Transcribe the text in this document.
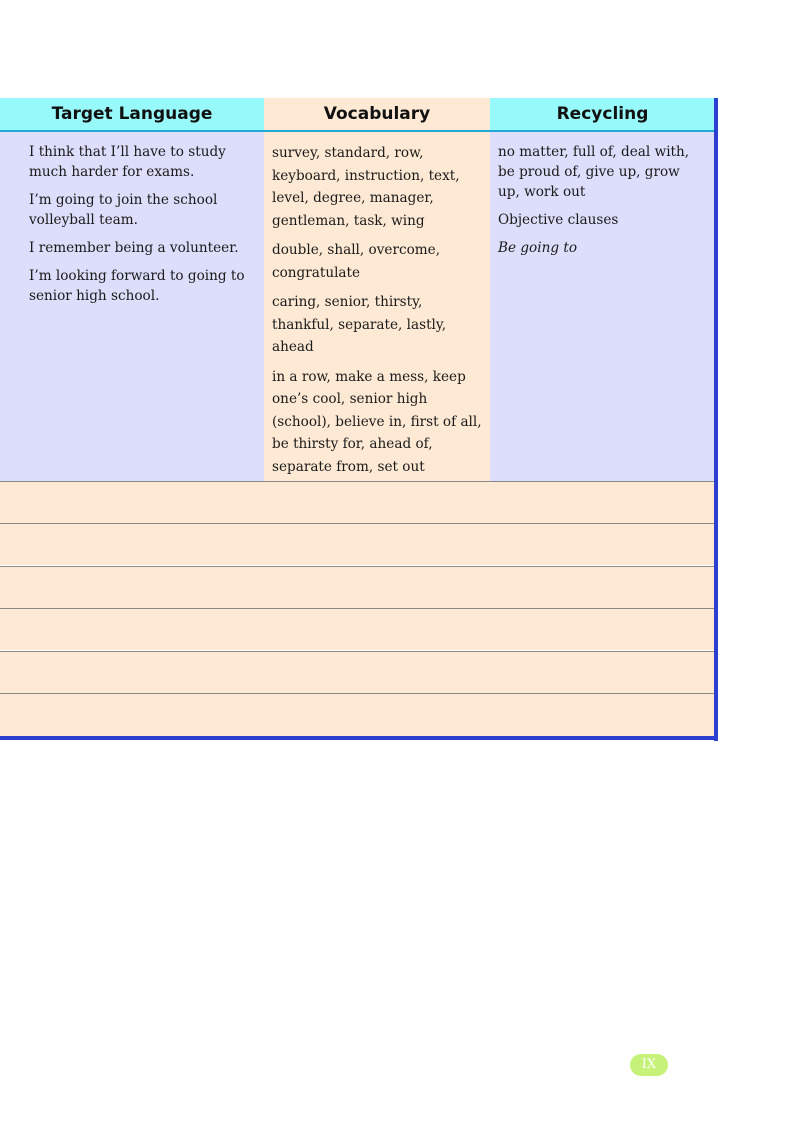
Target Language	Vocabulary	Recycling

I think that I’ll have to study much harder for exams.

I’m going to join the school volleyball team.

I remember being a volunteer.

I’m looking forward to going to senior high school.

survey, standard, row, keyboard, instruction, text, level, degree, manager, gentleman, task, wing

double, shall, overcome, congratulate

caring, senior, thirsty, thankful, separate, lastly, ahead

in a row, make a mess, keep one’s cool, senior high (school), believe in, first of all, be thirsty for, ahead of, separate from, set out

no matter, full of, deal with, be proud of, give up, grow up, work out

Objective clauses

Be going to

IX
